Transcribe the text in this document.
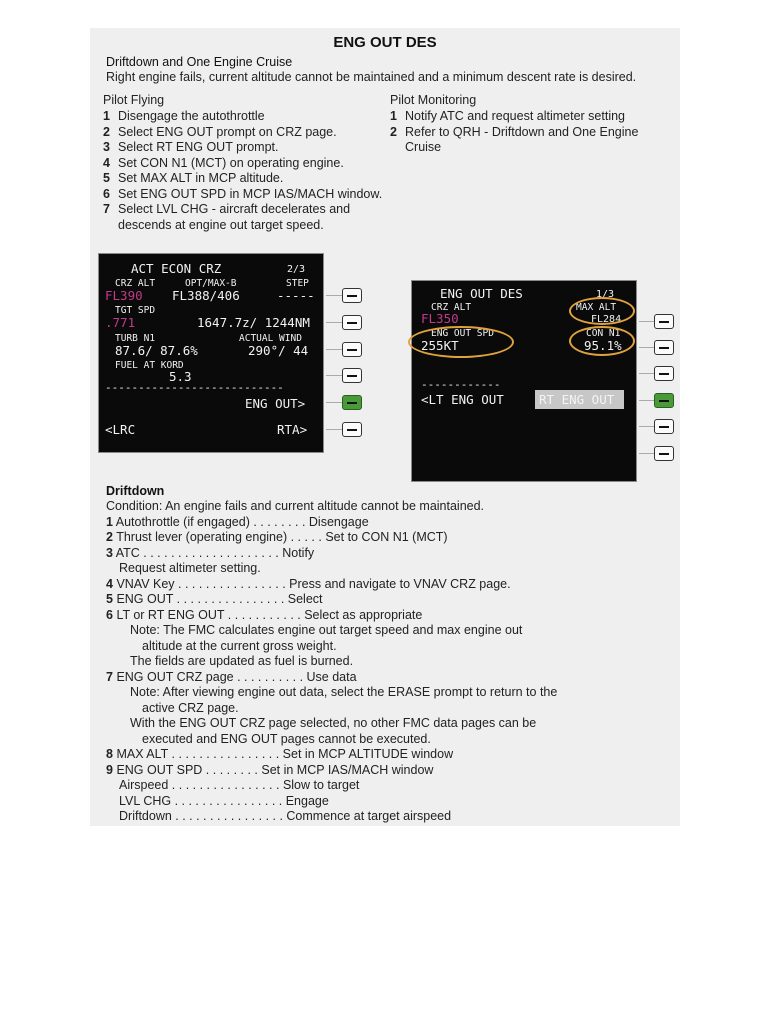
ENG OUT DES
Driftdown and One Engine Cruise
Right engine fails, current altitude cannot be maintained and a minimum descent rate is desired.
Pilot Flying
1 Disengage the autothrottle
2 Select ENG OUT prompt on CRZ page.
3 Select RT ENG OUT prompt.
4 Set CON N1 (MCT) on operating engine.
5 Set MAX ALT in MCP altitude.
6 Set ENG OUT SPD in MCP IAS/MACH window.
7 Select LVL CHG - aircraft decelerates and
descends at engine out target speed.
Pilot Monitoring
1 Notify ATC and request altimeter setting
2 Refer to QRH - Driftdown and One Engine
Cruise
ACT ECON CRZ	2/3
CRZ ALT	OPT/MAX-B	STEP
FL390 FL388/406	-----
TGT SPD
.771	1647.7z/ 1244NM
TURB N1	ACTUAL WIND
87.6/ 87.6%	290°/ 44
FUEL AT KORD
5.3
---------------------------
ENG OUT>
<LRC	RTA>
ENG OUT DES	1/3
CRZ ALT	MAX ALT
FL350	FL284
ENG OUT SPD	CON N1
255KT	95.1%
------------
<LT ENG OUT	RT ENG OUT
Driftdown
Condition: An engine fails and current altitude cannot be maintained.
1 Autothrottle (if engaged) . . . . . . . . Disengage
2 Thrust lever (operating engine) . . . . . Set to CON N1 (MCT)
3 ATC . . . . . . . . . . . . . . . . . . . . Notify
Request altimeter setting.
4 VNAV Key . . . . . . . . . . . . . . . . Press and navigate to VNAV CRZ page.
5 ENG OUT . . . . . . . . . . . . . . . . Select
6 LT or RT ENG OUT . . . . . . . . . . . Select as appropriate
Note: The FMC calculates engine out target speed and max engine out
altitude at the current gross weight.
The fields are updated as fuel is burned.
7 ENG OUT CRZ page . . . . . . . . . . Use data
Note: After viewing engine out data, select the ERASE prompt to return to the
active CRZ page.
With the ENG OUT CRZ page selected, no other FMC data pages can be
executed and ENG OUT pages cannot be executed.
8 MAX ALT . . . . . . . . . . . . . . . . Set in MCP ALTITUDE window
9 ENG OUT SPD . . . . . . . . Set in MCP IAS/MACH window
Airspeed . . . . . . . . . . . . . . . . Slow to target
LVL CHG . . . . . . . . . . . . . . . . Engage
Driftdown . . . . . . . . . . . . . . . . Commence at target airspeed
